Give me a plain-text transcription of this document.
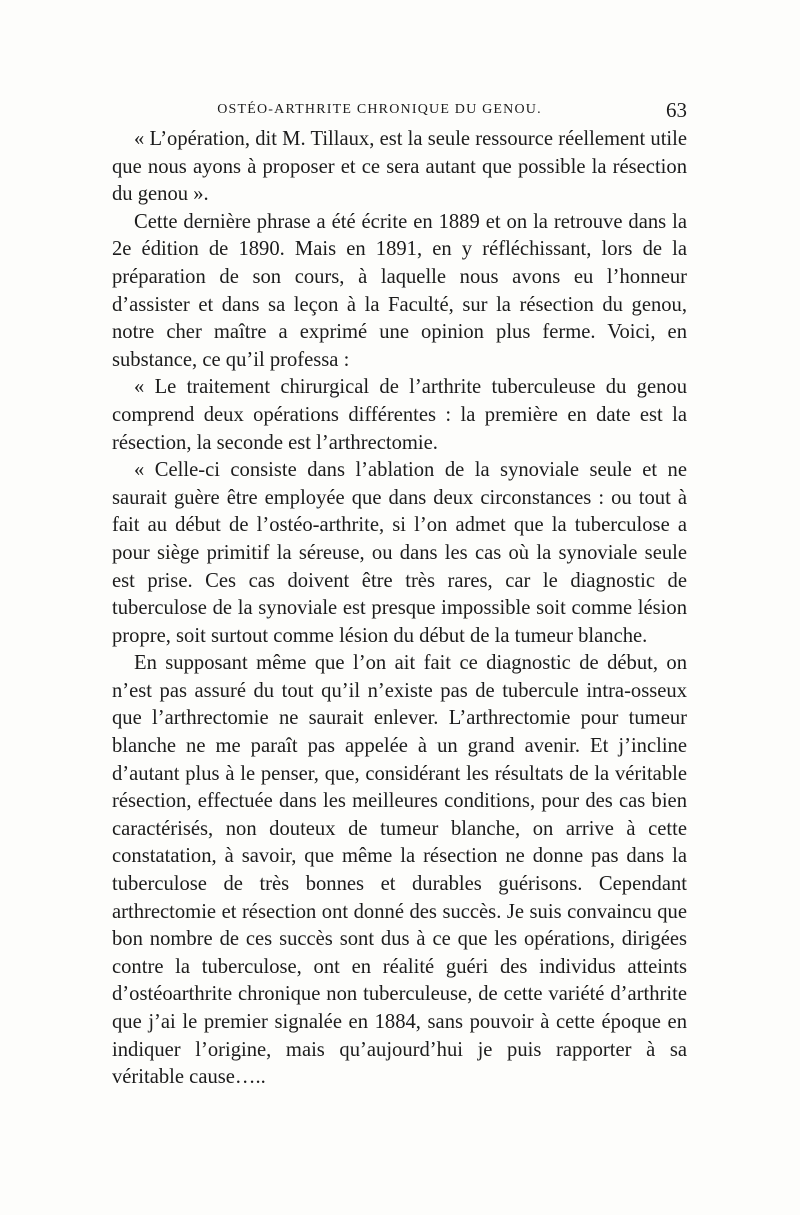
OSTÉO-ARTHRITE CHRONIQUE DU GENOU.	63

« L’opération, dit M. Tillaux, est la seule ressource réellement utile que nous ayons à proposer et ce sera autant que possible la résection du genou ».

Cette dernière phrase a été écrite en 1889 et on la retrouve dans la 2e édition de 1890. Mais en 1891, en y réfléchissant, lors de la préparation de son cours, à laquelle nous avons eu l’honneur d’assister et dans sa leçon à la Faculté, sur la résection du genou, notre cher maître a exprimé une opinion plus ferme. Voici, en substance, ce qu’il professa :

« Le traitement chirurgical de l’arthrite tuberculeuse du genou comprend deux opérations différentes : la première en date est la résection, la seconde est l’arthrectomie.

« Celle-ci consiste dans l’ablation de la synoviale seule et ne saurait guère être employée que dans deux circonstances : ou tout à fait au début de l’ostéo-arthrite, si l’on admet que la tuberculose a pour siège primitif la séreuse, ou dans les cas où la synoviale seule est prise. Ces cas doivent être très rares, car le diagnostic de tuberculose de la synoviale est presque impossible soit comme lésion propre, soit surtout comme lésion du début de la tumeur blanche.

En supposant même que l’on ait fait ce diagnostic de début, on n’est pas assuré du tout qu’il n’existe pas de tubercule intra-osseux que l’arthrectomie ne saurait enlever. L’arthrectomie pour tumeur blanche ne me paraît pas appelée à un grand avenir. Et j’incline d’autant plus à le penser, que, considérant les résultats de la véritable résection, effectuée dans les meilleures conditions, pour des cas bien caractérisés, non douteux de tumeur blanche, on arrive à cette constatation, à savoir, que même la résection ne donne pas dans la tuberculose de très bonnes et durables guérisons. Cependant arthrectomie et résection ont donné des succès. Je suis convaincu que bon nombre de ces succès sont dus à ce que les opérations, dirigées contre la tuberculose, ont en réalité guéri des individus atteints d’ostéoarthrite chronique non tuberculeuse, de cette variété d’arthrite que j’ai le premier signalée en 1884, sans pouvoir à cette époque en indiquer l’origine, mais qu’aujourd’hui je puis rapporter à sa véritable cause…..
